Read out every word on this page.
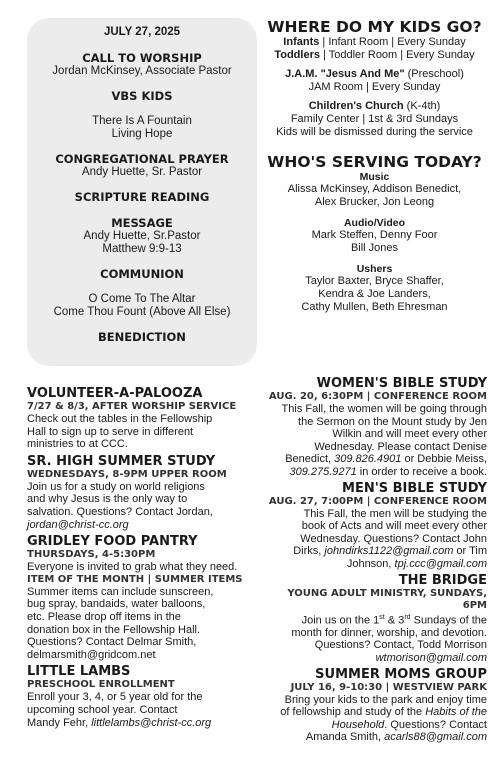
JULY 27, 2025
CALL TO WORSHIP
Jordan McKinsey, Associate Pastor
VBS KIDS
There Is A Fountain
Living Hope
CONGREGATIONAL PRAYER
Andy Huette, Sr. Pastor
SCRIPTURE READING
MESSAGE
Andy Huette, Sr.Pastor
Matthew 9:9-13
COMMUNION
O Come To The Altar
Come Thou Fount (Above All Else)
BENEDICTION
WHERE DO MY KIDS GO?
Infants | Infant Room | Every Sunday
Toddlers | Toddler Room | Every Sunday
J.A.M. "Jesus And Me" (Preschool)
JAM Room | Every Sunday
Children's Church (K-4th)
Family Center | 1st & 3rd Sundays
Kids will be dismissed during the service
WHO'S SERVING TODAY?
Music
Alissa McKinsey, Addison Benedict,
Alex Brucker, Jon Leong
Audio/Video
Mark Steffen, Denny Foor
Bill Jones
Ushers
Taylor Baxter, Bryce Shaffer,
Kendra & Joe Landers,
Cathy Mullen, Beth Ehresman
VOLUNTEER-A-PALOOZA
7/27 & 8/3, AFTER WORSHIP SERVICE
Check out the tables in the Fellowship
Hall to sign up to serve in different
ministries to at CCC.
SR. HIGH SUMMER STUDY
WEDNESDAYS, 8-9PM UPPER ROOM
Join us for a study on world religions
and why Jesus is the only way to
salvation. Questions? Contact Jordan,
jordan@christ-cc.org
GRIDLEY FOOD PANTRY
THURSDAYS, 4-5:30PM
Everyone is invited to grab what they need.
ITEM OF THE MONTH | SUMMER ITEMS
Summer items can include sunscreen,
bug spray, bandaids, water balloons,
etc. Please drop off items in the
donation box in the Fellowship Hall.
Questions? Contact Delmar Smith,
delmarsmith@gridcom.net
LITTLE LAMBS
PRESCHOOL ENROLLMENT
Enroll your 3, 4, or 5 year old for the
upcoming school year. Contact
Mandy Fehr, littlelambs@christ-cc.org
WOMEN'S BIBLE STUDY
AUG. 20, 6:30PM | CONFERENCE ROOM
This Fall, the women will be going through
the Sermon on the Mount study by Jen
Wilkin and will meet every other
Wednesday. Please contact Denise
Benedict, 309.826.4901 or Debbie Meiss,
309.275.9271 in order to receive a book.
MEN'S BIBLE STUDY
AUG. 27, 7:00PM | CONFERENCE ROOM
This Fall, the men will be studying the
book of Acts and will meet every other
Wednesday. Questions? Contact John
Dirks, johndirks1122@gmail.com or Tim
Johnson, tpj.ccc@gmail.com
THE BRIDGE
YOUNG ADULT MINISTRY, SUNDAYS, 6PM
Join us on the 1st & 3rd Sundays of the
month for dinner, worship, and devotion.
Questions? Contact, Todd Morrison
wtmorison@gmail.com
SUMMER MOMS GROUP
JULY 16, 9-10:30 | WESTVIEW PARK
Bring your kids to the park and enjoy time
of fellowship and study of the Habits of the
Household. Questions? Contact
Amanda Smith, acarls88@gmail.com
